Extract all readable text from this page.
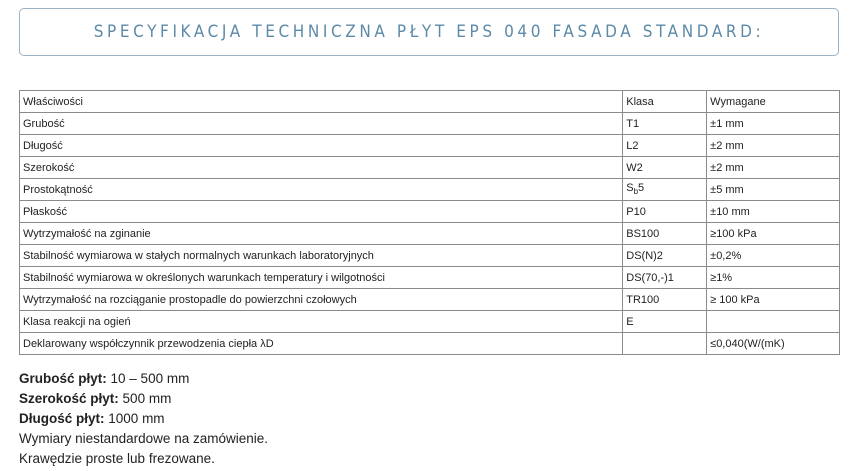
SPECYFIKACJA TECHNICZNA PŁYT EPS 040 FASADA STANDARD:
Właściwości	Klasa	Wymagane
Grubość	T1	±1 mm
Długość	L2	±2 mm
Szerokość	W2	±2 mm
Prostokątność	$S_b5$	±5 mm
Płaskość	P10	±10 mm
Wytrzymałość na zginanie	BS100	≥100 kPa
Stabilność wymiarowa w stałych normalnych warunkach laboratoryjnych	DS(N)2	±0,2%
Stabilność wymiarowa w określonych warunkach temperatury i wilgotności	DS(70,-)1	≥1%
Wytrzymałość na rozciąganie prostopadle do powierzchni czołowych	TR100	≥ 100 kPa
Klasa reakcji na ogień	E	
Deklarowany współczynnik przewodzenia ciepła λD		≤0,040(W/(mK)
Grubość płyt: 10 – 500 mm
Szerokość płyt: 500 mm
Długość płyt: 1000 mm
Wymiary niestandardowe na zamówienie.
Krawędzie proste lub frezowane.
